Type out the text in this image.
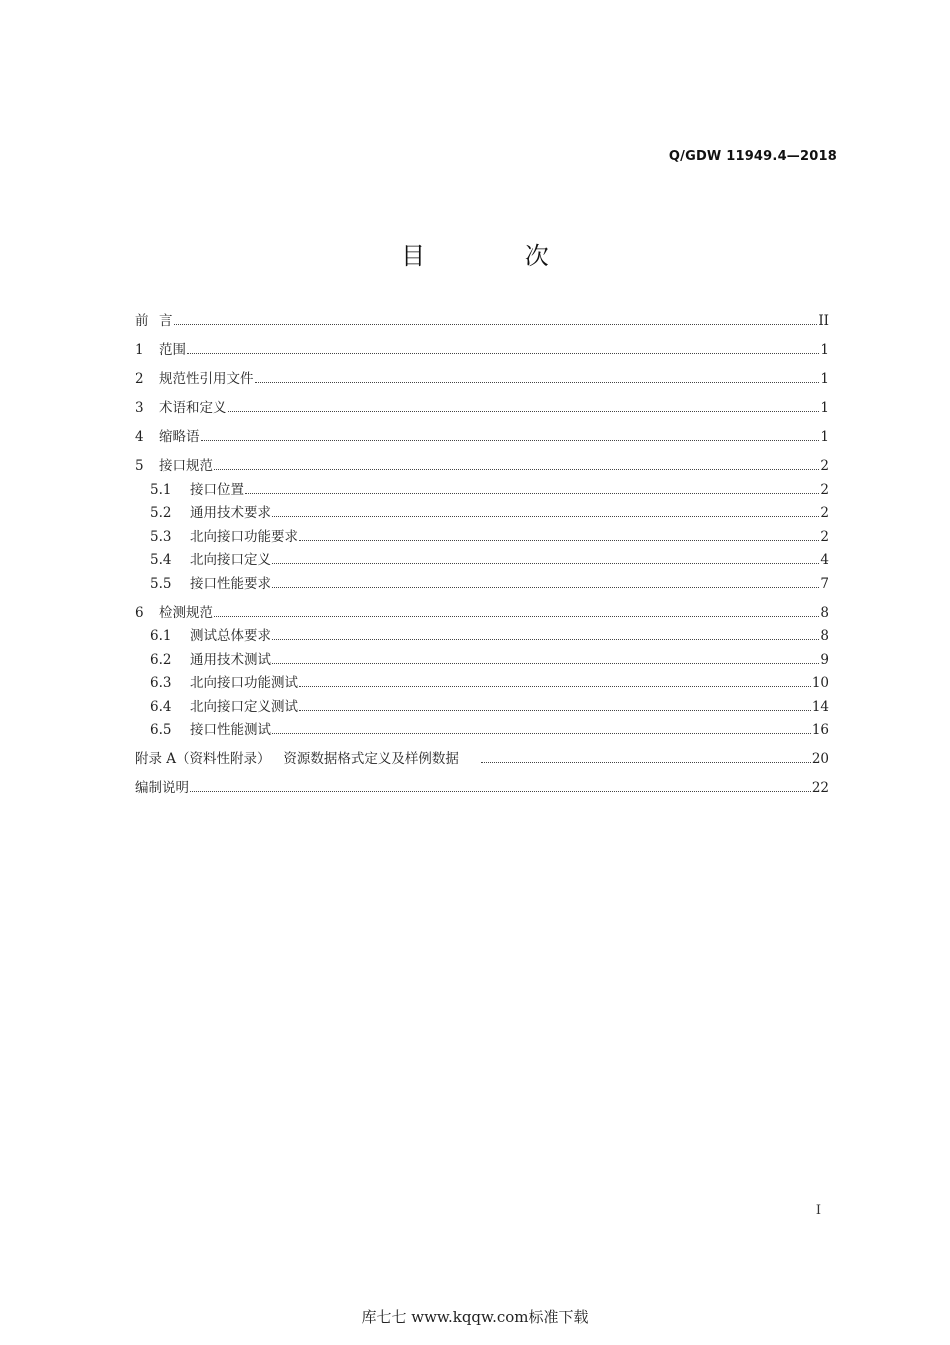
Q/GDW 11949.4—2018
目 次
前 言	II
1	范围	1
2	规范性引用文件	1
3	术语和定义	1
4	缩略语	1
5	接口规范	2
5.1	接口位置	2
5.2	通用技术要求	2
5.3	北向接口功能要求	2
5.4	北向接口定义	4
5.5	接口性能要求	7
6	检测规范	8
6.1	测试总体要求	8
6.2	通用技术测试	9
6.3	北向接口功能测试	10
6.4	北向接口定义测试	14
6.5	接口性能测试	16
附录 A（资料性附录）   资源数据格式定义及样例数据	20
编制说明	22
I
库七七 www.kqqw.com标准下载
